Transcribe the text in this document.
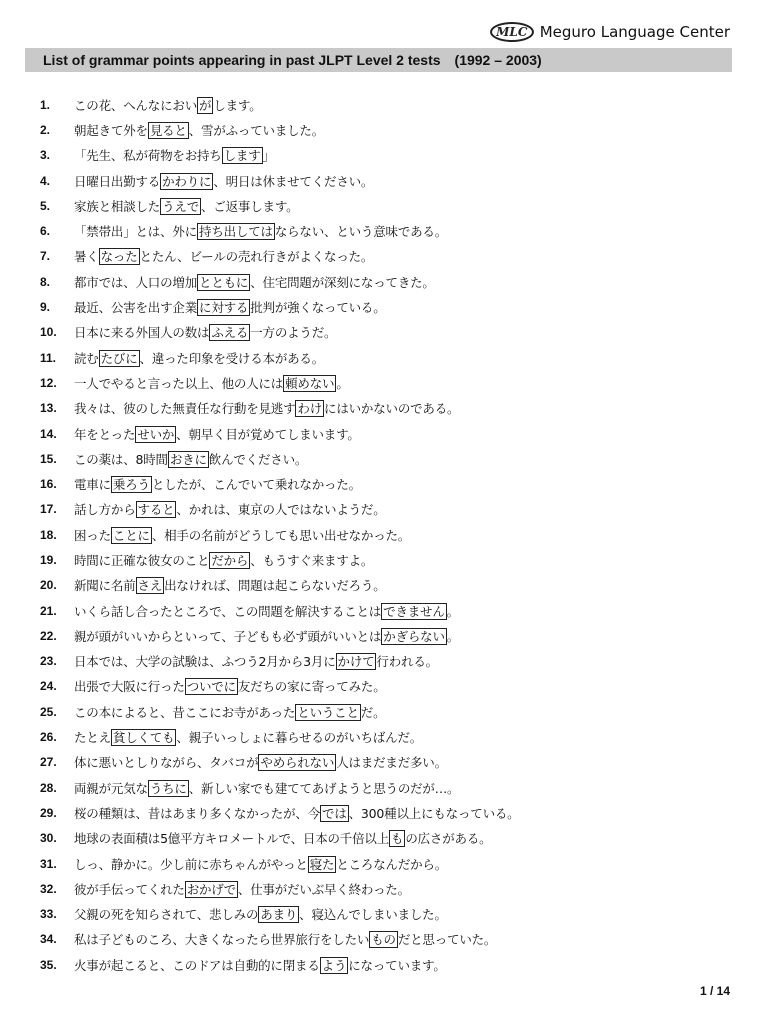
MLC Meguro Language Center
List of grammar points appearing in past JLPT Level 2 tests　(1992 – 2003)
1.	この花、へんなにおい が します。
2.	朝起きて外を 見ると 、雪がふっていました。
3.	「先生、私が荷物をお持ち します 」
4.	日曜日出勤する かわりに 、明日は休ませてください。
5.	家族と相談した うえで 、ご返事します。
6.	「禁帯出」とは、外に 持ち出しては ならない、という意味である。
7.	暑く なった とたん、ビールの売れ行きがよくなった。
8.	都市では、人口の増加 とともに 、住宅問題が深刻になってきた。
9.	最近、公害を出す企業 に対する 批判が強くなっている。
10.	日本に来る外国人の数は ふえる 一方のようだ。
11.	読む たびに 、違った印象を受ける本がある。
12.	一人でやると言った以上、他の人には 頼めない 。
13.	我々は、彼のした無責任な行動を見逃す わけ にはいかないのである。
14.	年をとった せいか 、朝早く目が覚めてしまいます。
15.	この薬は、8時間 おきに 飲んでください。
16.	電車に 乗ろう としたが、こんでいて乗れなかった。
17.	話し方から すると 、かれは、東京の人ではないようだ。
18.	困った ことに 、相手の名前がどうしても思い出せなかった。
19.	時間に正確な彼女のこと だから 、もうすぐ来ますよ。
20.	新聞に名前 さえ 出なければ、問題は起こらないだろう。
21.	いくら話し合ったところで、この問題を解決することは できません 。
22.	親が頭がいいからといって、子どもも必ず頭がいいとは かぎらない 。
23.	日本では、大学の試験は、ふつう2月から3月に かけて 行われる。
24.	出張で大阪に行った ついでに 友だちの家に寄ってみた。
25.	この本によると、昔ここにお寺があった ということ だ。
26.	たとえ 貧しくても 、親子いっしょに暮らせるのがいちばんだ。
27.	体に悪いとしりながら、タバコが やめられない 人はまだまだ多い。
28.	両親が元気な うちに 、新しい家でも建ててあげようと思うのだが…。
29.	桜の種類は、昔はあまり多くなかったが、今 では 、300種以上にもなっている。
30.	地球の表面積は5億平方キロメートルで、日本の千倍以上 も の広さがある。
31.	しっ、静かに。少し前に赤ちゃんがやっと 寝た ところなんだから。
32.	彼が手伝ってくれた おかげで 、仕事がだいぶ早く終わった。
33.	父親の死を知らされて、悲しみの あまり 、寝込んでしまいました。
34.	私は子どものころ、大きくなったら世界旅行をしたい もの だと思っていた。
35.	火事が起こると、このドアは自動的に閉まる よう になっています。
1 / 14
